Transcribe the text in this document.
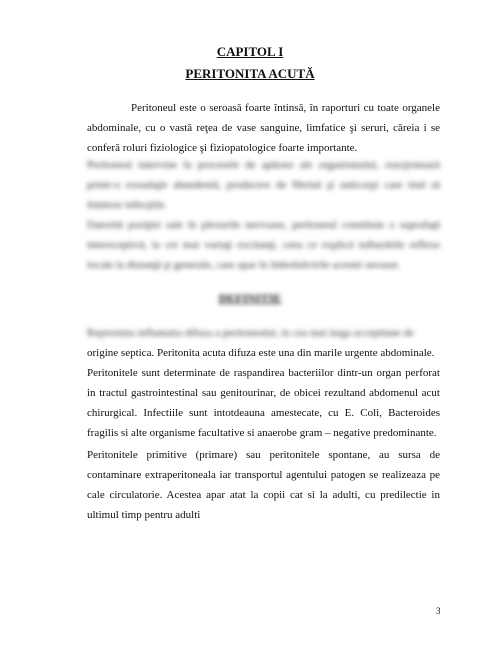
CAPITOL I
PERITONITA ACUTĂ

Peritoneul este o seroasă foarte întinsă, în raporturi cu toate organele abdominale, cu o vastă reţea de vase sanguine, limfatice şi seruri, căreia i se conferă roluri fiziologice şi fiziopatologice foarte importante.

Peritoneul intervine în procesele de apărare ale organismului, reacţionează printr-o exsudaţie abundentă, producere de fibrină şi anticorpi care tind să limiteze infecţiile.

Datorită poziţiei sale în plexurile nervoase, peritoneul constituie o suprafaţă interoceptivă, la cei mai variaţi excitanţi, ceea ce explică tulburările reflexe locale la distanţă şi generale, care apar în îmbolnăvirile acestei seroase.

DEFINITIE

Reprezinta inflamatia difuza a peritoneului, in cea mai larga acceptiune de

origine septica. Peritonita acuta difuza este una din marile urgente abdominale.

Peritonitele sunt determinate de raspandirea bacteriilor dintr-un organ perforat in tractul gastrointestinal sau genitourinar, de obicei rezultand abdomenul acut chirurgical. Infectiile sunt intotdeauna amestecate, cu E. Coli, Bacteroides fragilis si alte organisme facultative si anaerobe gram – negative predominante.

Peritonitele primitive (primare) sau peritonitele spontane, au sursa de contaminare extraperitoneala iar transportul agentului patogen se realizeaza pe cale circulatorie. Acestea apar atat la copii cat si la adulti, cu predilectie in ultimul timp pentru adulti

3
